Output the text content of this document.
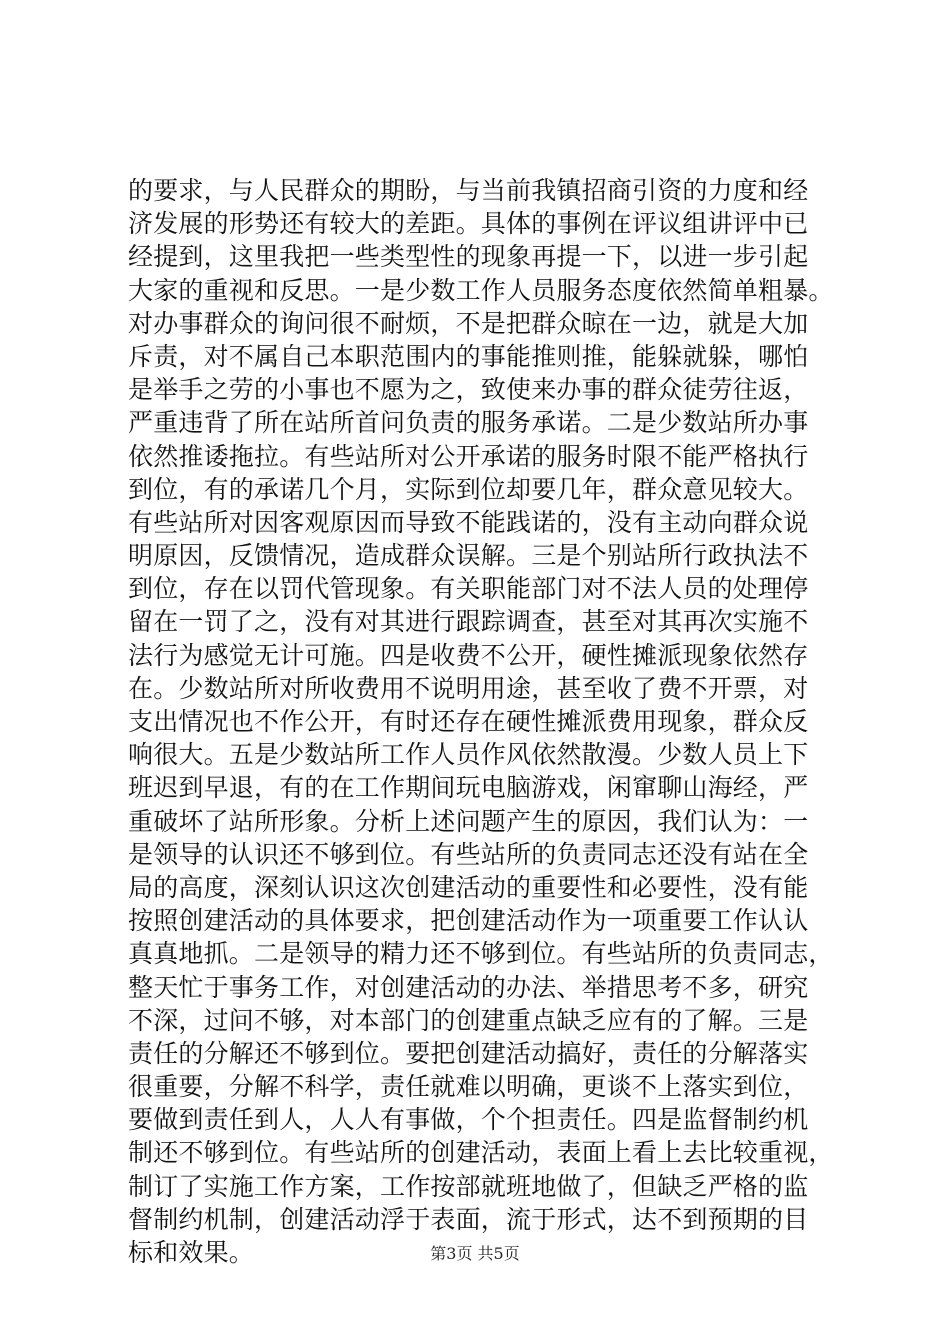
的要求，与人民群众的期盼，与当前我镇招商引资的力度和经
济发展的形势还有较大的差距。具体的事例在评议组讲评中已
经提到，这里我把一些类型性的现象再提一下，以进一步引起
大家的重视和反思。一是少数工作人员服务态度依然简单粗暴。
对办事群众的询问很不耐烦，不是把群众晾在一边，就是大加
斥责，对不属自己本职范围内的事能推则推，能躲就躲，哪怕
是举手之劳的小事也不愿为之，致使来办事的群众徒劳往返，
严重违背了所在站所首问负责的服务承诺。二是少数站所办事
依然推诿拖拉。有些站所对公开承诺的服务时限不能严格执行
到位，有的承诺几个月，实际到位却要几年，群众意见较大。
有些站所对因客观原因而导致不能践诺的，没有主动向群众说
明原因，反馈情况，造成群众误解。三是个别站所行政执法不
到位，存在以罚代管现象。有关职能部门对不法人员的处理停
留在一罚了之，没有对其进行跟踪调查，甚至对其再次实施不
法行为感觉无计可施。四是收费不公开，硬性摊派现象依然存
在。少数站所对所收费用不说明用途，甚至收了费不开票，对
支出情况也不作公开，有时还存在硬性摊派费用现象，群众反
响很大。五是少数站所工作人员作风依然散漫。少数人员上下
班迟到早退，有的在工作期间玩电脑游戏，闲窜聊山海经，严
重破坏了站所形象。分析上述问题产生的原因，我们认为：一
是领导的认识还不够到位。有些站所的负责同志还没有站在全
局的高度，深刻认识这次创建活动的重要性和必要性，没有能
按照创建活动的具体要求，把创建活动作为一项重要工作认认
真真地抓。二是领导的精力还不够到位。有些站所的负责同志，
整天忙于事务工作，对创建活动的办法、举措思考不多，研究
不深，过问不够，对本部门的创建重点缺乏应有的了解。三是
责任的分解还不够到位。要把创建活动搞好，责任的分解落实
很重要，分解不科学，责任就难以明确，更谈不上落实到位，
要做到责任到人，人人有事做，个个担责任。四是监督制约机
制还不够到位。有些站所的创建活动，表面上看上去比较重视，
制订了实施工作方案，工作按部就班地做了，但缺乏严格的监
督制约机制，创建活动浮于表面，流于形式，达不到预期的目
标和效果。	第3页 共5页
